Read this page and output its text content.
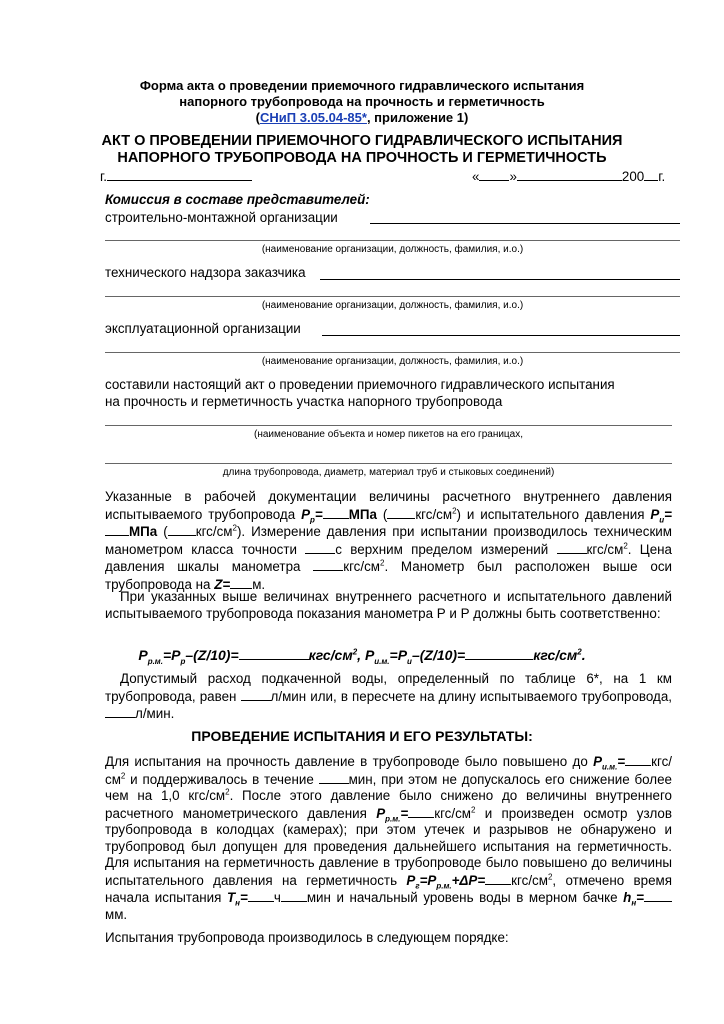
Форма акта о проведении приемочного гидравлического испытания
напорного трубопровода на прочность и герметичность
(СНиП 3.05.04-85*, приложение 1)
АКТ О ПРОВЕДЕНИИ ПРИЕМОЧНОГО ГИДРАВЛИЧЕСКОГО ИСПЫТАНИЯ
НАПОРНОГО ТРУБОПРОВОДА НА ПРОЧНОСТЬ И ГЕРМЕТИЧНОСТЬ
г.	« »	200 г.
Комиссия в составе представителей:
строительно-монтажной организации
(наименование организации, должность, фамилия, и.о.)
технического надзора заказчика
(наименование организации, должность, фамилия, и.о.)
эксплуатационной организации
(наименование организации, должность, фамилия, и.о.)
составили настоящий акт о проведении приемочного гидравлического испытания
на прочность и герметичность участка напорного трубопровода
(наименование объекта и номер пикетов на его границах,
длина трубопровода, диаметр, материал труб и стыковых соединений)
Указанные в рабочей документации величины расчетного внутреннего давления испытываемого трубопровода $Р_р=$ МПа ( кгс/$см^2$) и испытательного давления $Р_и=МПа$ ( кгс/$см^2$). Измерение давления при испытании производилось техническим манометром класса точности с верхним пределом измерений кгс/$см^2$. Цена давления шкалы манометра кгс/$см^2$. Манометр был расположен выше оси трубопровода на Z= м.
При указанных выше величинах внутреннего расчетного и испытательного давлений испытываемого трубопровода показания манометра Р и Р должны быть соответственно:
$Р_{р.м.}=Р_р-(Z/10)=$	кгс/$см^2$, $Р_{и.м.}=Р_и-(Z/10)=$	кгс/$см^2$.
Допустимый расход подкаченной воды, определенный по таблице 6*, на 1 км трубопровода, равен л/мин или, в пересчете на длину испытываемого трубопровода, л/мин.
ПРОВЕДЕНИЕ ИСПЫТАНИЯ И ЕГО РЕЗУЛЬТАТЫ:
Для испытания на прочность давление в трубопроводе было повышено до $Р_{и.м.}= кгс/см^2$ и поддерживалось в течение мин, при этом не допускалось его снижение более чем на 1,0 кгс/$см^2$. После этого давление было снижено до величины внутреннего расчетного манометрического давления $Р_{р.м.}= кгс/см^2$ и произведен осмотр узлов трубопровода в колодцах (камерах); при этом утечек и разрывов не обнаружено и трубопровод был допущен для проведения дальнейшего испытания на герметичность. Для испытания на герметичность давление в трубопроводе было повышено до величины испытательного давления на герметичность $Р_г=Р_{р.м.}+\Delta Р= кгс/см^2$, отмечено время начала испытания $Т_н= ч$ мин и начальный уровень воды в мерном бачке $h_н=мм$.
Испытания трубопровода производилось в следующем порядке:
